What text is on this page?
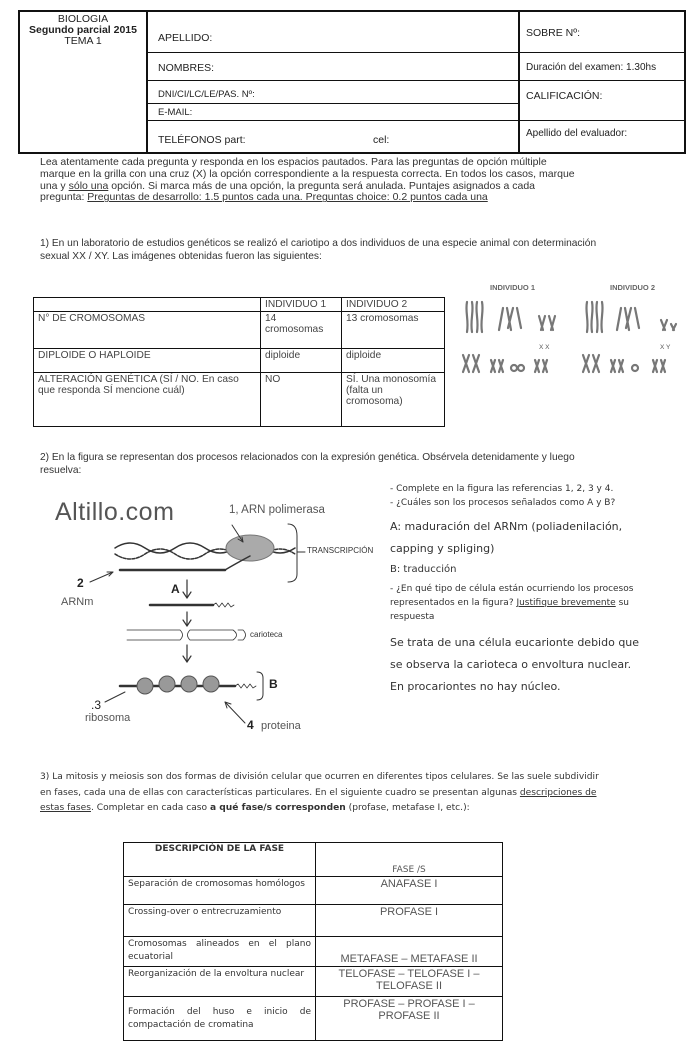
BIOLOGIA
Segundo parcial 2015
TEMA 1	APELLIDO:
NOMBRES:
DNI/CI/LC/LE/PAS. Nº:
E-MAIL:
TELÉFONOS part:	cel:
SOBRE Nº:
Duración del examen: 1.30hs
CALIFICACIÓN:
Apellido del evaluador:
Lea atentamente cada pregunta y responda en los espacios pautados. Para las preguntas de opción múltiple
marque en la grilla con una cruz (X) la opción correspondiente a la respuesta correcta. En todos los casos, marque
una y sólo una opción. Si marca más de una opción, la pregunta será anulada. Puntajes asignados a cada
pregunta: Preguntas de desarrollo: 1.5 puntos cada una. Preguntas choice: 0.2 puntos cada una
1) En un laboratorio de estudios genéticos se realizó el cariotipo a dos individuos de una especie animal con determinación
sexual XX / XY. Las imágenes obtenidas fueron las siguientes:
	INDIVIDUO 1	INDIVIDUO 2
N° DE CROMOSOMAS	14 cromosomas	13 cromosomas
DIPLOIDE O HAPLOIDE	diploide	diploide
ALTERACIÓN GENÉTICA (SÍ / NO. En caso que responda SÍ mencione cuál)	NO	SÍ. Una monosomía (falta un cromosoma)
INDIVIDUO 1	INDIVIDUO 2
X X	X Y
2) En la figura se representan dos procesos relacionados con la expresión genética. Obsérvela detenidamente y luego
resuelva:
Altillo.com	1, ARN polimerasa
TRANSCRIPCIÓN
2
ARNm
A
carioteca
B
.3
ribosoma	4 proteina
- Complete en la figura las referencias 1, 2, 3 y 4.
- ¿Cuáles son los procesos señalados como A y B?
A: maduración del ARNm (poliadenilación,
capping y spliging)
B: traducción
- ¿En qué tipo de célula están ocurriendo los procesos
representados en la figura? Justifique brevemente su
respuesta
Se trata de una célula eucarionte debido que
se observa la carioteca o envoltura nuclear.
En procariontes no hay núcleo.
3) La mitosis y meiosis son dos formas de división celular que ocurren en diferentes tipos celulares. Se las suele subdividir
en fases, cada una de ellas con características particulares. En el siguiente cuadro se presentan algunas descripciones de
estas fases. Completar en cada caso a qué fase/s corresponden (profase, metafase I, etc.):
DESCRIPCIÓN DE LA FASE	FASE /S
Separación de cromosomas homólogos	ANAFASE I
Crossing-over o entrecruzamiento	PROFASE I
Cromosomas alineados en el plano ecuatorial	METAFASE – METAFASE II
Reorganización de la envoltura nuclear	TELOFASE – TELOFASE I – TELOFASE II
Formación del huso e inicio de compactación de cromatina	PROFASE – PROFASE I – PROFASE II
